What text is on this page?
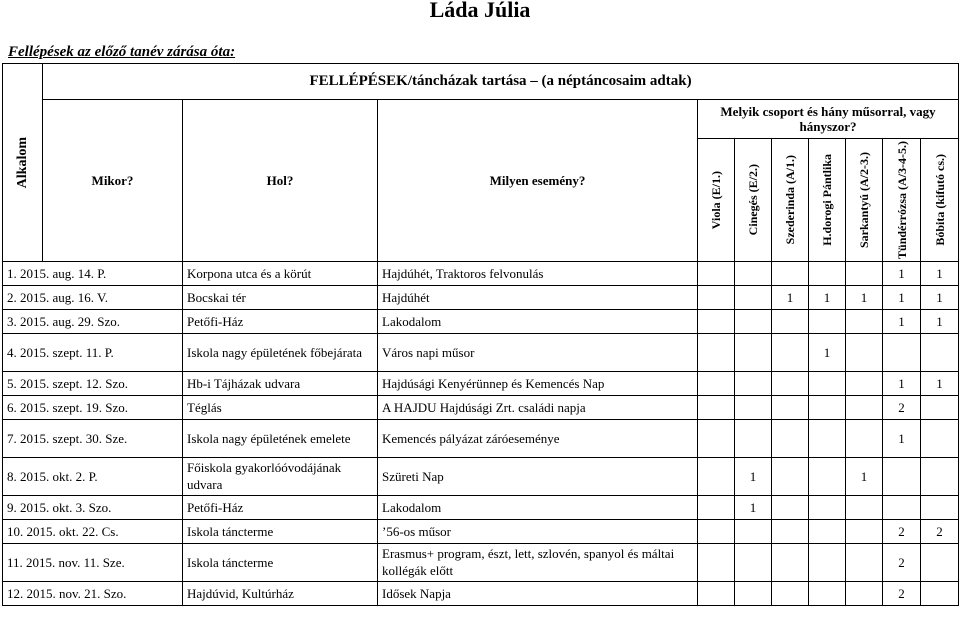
Láda Júlia
Fellépések az előző tanév zárása óta:
Alkalom	FELLÉPÉSEK/táncházak tartása – (a néptáncosaim adtak)									
	Mikor?	Hol?	Milyen esemény?	Melyik csoport és hány műsorral, vagy hányszor?						

				Viola (E/1.)	Cinegés (E/2.)	Szederinda (A/1.)	H.dorogi Pántlika	Sarkantyú (A/2-3.)	Tündérrózsa (A/3-4-5.)	Bóbita (kifutó cs.)

1. 2015. aug. 14. P.		Korpona utca és a körút	Hajdúhét, Traktoros felvonulás						1	1
2. 2015. aug. 16. V.		Bocskai tér	Hajdúhét			1	1	1	1	1
3. 2015. aug. 29. Szo.		Petőfi-Ház	Lakodalom						1	1
4. 2015. szept. 11. P.		Iskola nagy épületének főbejárata	Város napi műsor				1			
5. 2015. szept. 12. Szo.		Hb-i Tájházak udvara	Hajdúsági Kenyérünnep és Kemencés Nap						1	1
6. 2015. szept. 19. Szo.		Téglás	A HAJDU Hajdúsági Zrt. családi napja						2	
7. 2015. szept. 30. Sze.		Iskola nagy épületének emelete	Kemencés pályázat záróeseménye						1	
8. 2015. okt. 2. P.		Főiskola gyakorlóóvodájának udvara	Szüreti Nap		1			1		
9. 2015. okt. 3. Szo.		Petőfi-Ház	Lakodalom		1					
10. 2015. okt. 22. Cs.		Iskola táncterme	’56-os műsor						2	2
11. 2015. nov. 11. Sze.		Iskola táncterme	Erasmus+ program, észt, lett, szlovén, spanyol és máltai kollégák előtt						2	
12. 2015. nov. 21. Szo.		Hajdúvid, Kultúrház	Idősek Napja						2	
